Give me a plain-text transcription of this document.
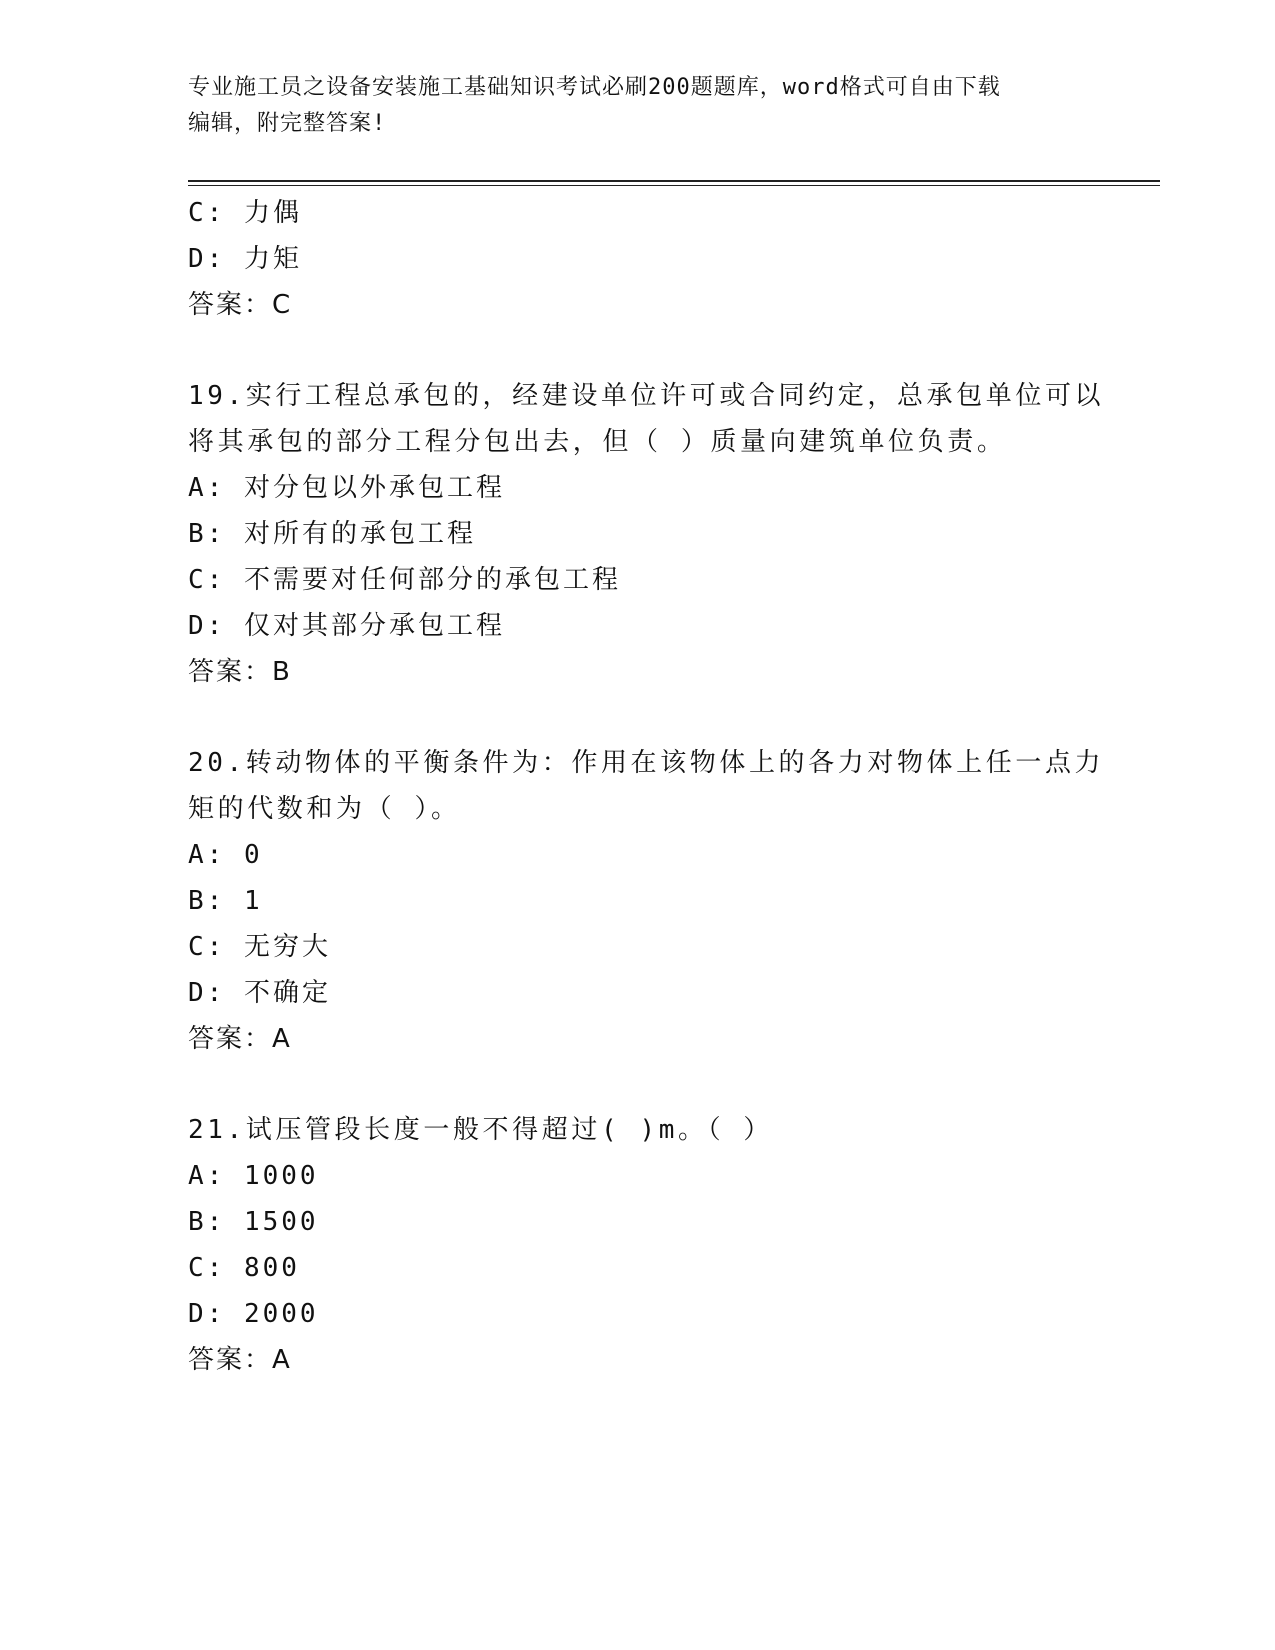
专业施工员之设备安装施工基础知识考试必刷200题题库，word格式可自由下载
编辑，附完整答案!
C: 力偶
D: 力矩
答案：C
19.实行工程总承包的，经建设单位许可或合同约定，总承包单位可以
将其承包的部分工程分包出去，但（ ）质量向建筑单位负责。
A: 对分包以外承包工程
B: 对所有的承包工程
C: 不需要对任何部分的承包工程
D: 仅对其部分承包工程
答案：B
20.转动物体的平衡条件为：作用在该物体上的各力对物体上任一点力
矩的代数和为（ ）。
A: 0
B: 1
C: 无穷大
D: 不确定
答案：A
21.试压管段长度一般不得超过( )m。（ ）
A: 1000
B: 1500
C: 800
D: 2000
答案：A
